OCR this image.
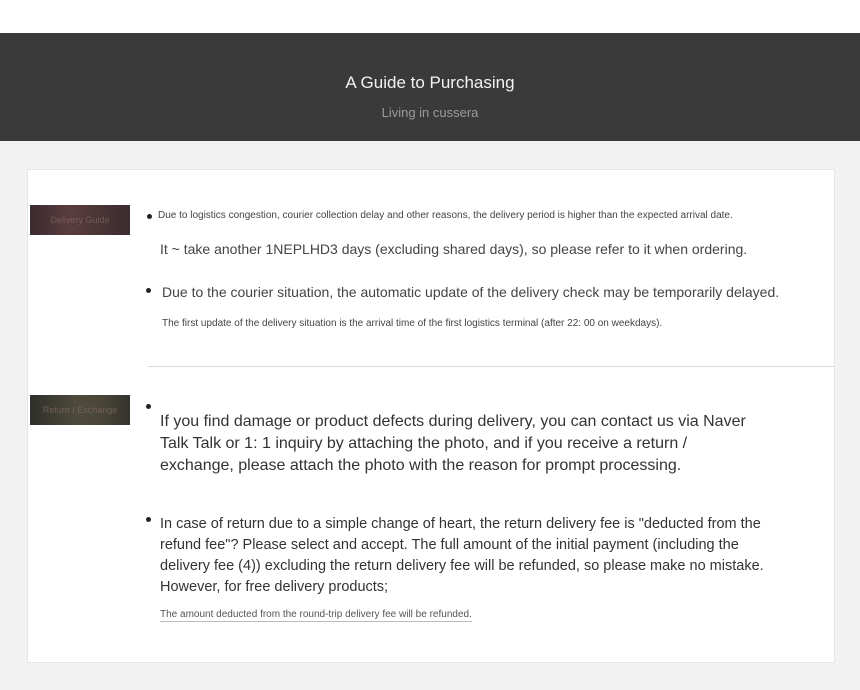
A Guide to Purchasing
Living in cussera
Delivery Guide	Due to logistics congestion, courier collection delay and other reasons, the delivery period is higher than the expected arrival date.
It ~ take another 1NEPLHD3 days (excluding shared days), so please refer to it when ordering.
Due to the courier situation, the automatic update of the delivery check may be temporarily delayed.
The first update of the delivery situation is the arrival time of the first logistics terminal (after 22: 00 on weekdays).
Return / Exchange
If you find damage or product defects during delivery, you can contact us via Naver Talk Talk or 1: 1 inquiry by attaching the photo, and if you receive a return / exchange, please attach the photo with the reason for prompt processing.
In case of return due to a simple change of heart, the return delivery fee is "deducted from the refund fee"? Please select and accept. The full amount of the initial payment (including the delivery fee (4)) excluding the return delivery fee will be refunded, so please make no mistake. However, for free delivery products;
The amount deducted from the round-trip delivery fee will be refunded.
